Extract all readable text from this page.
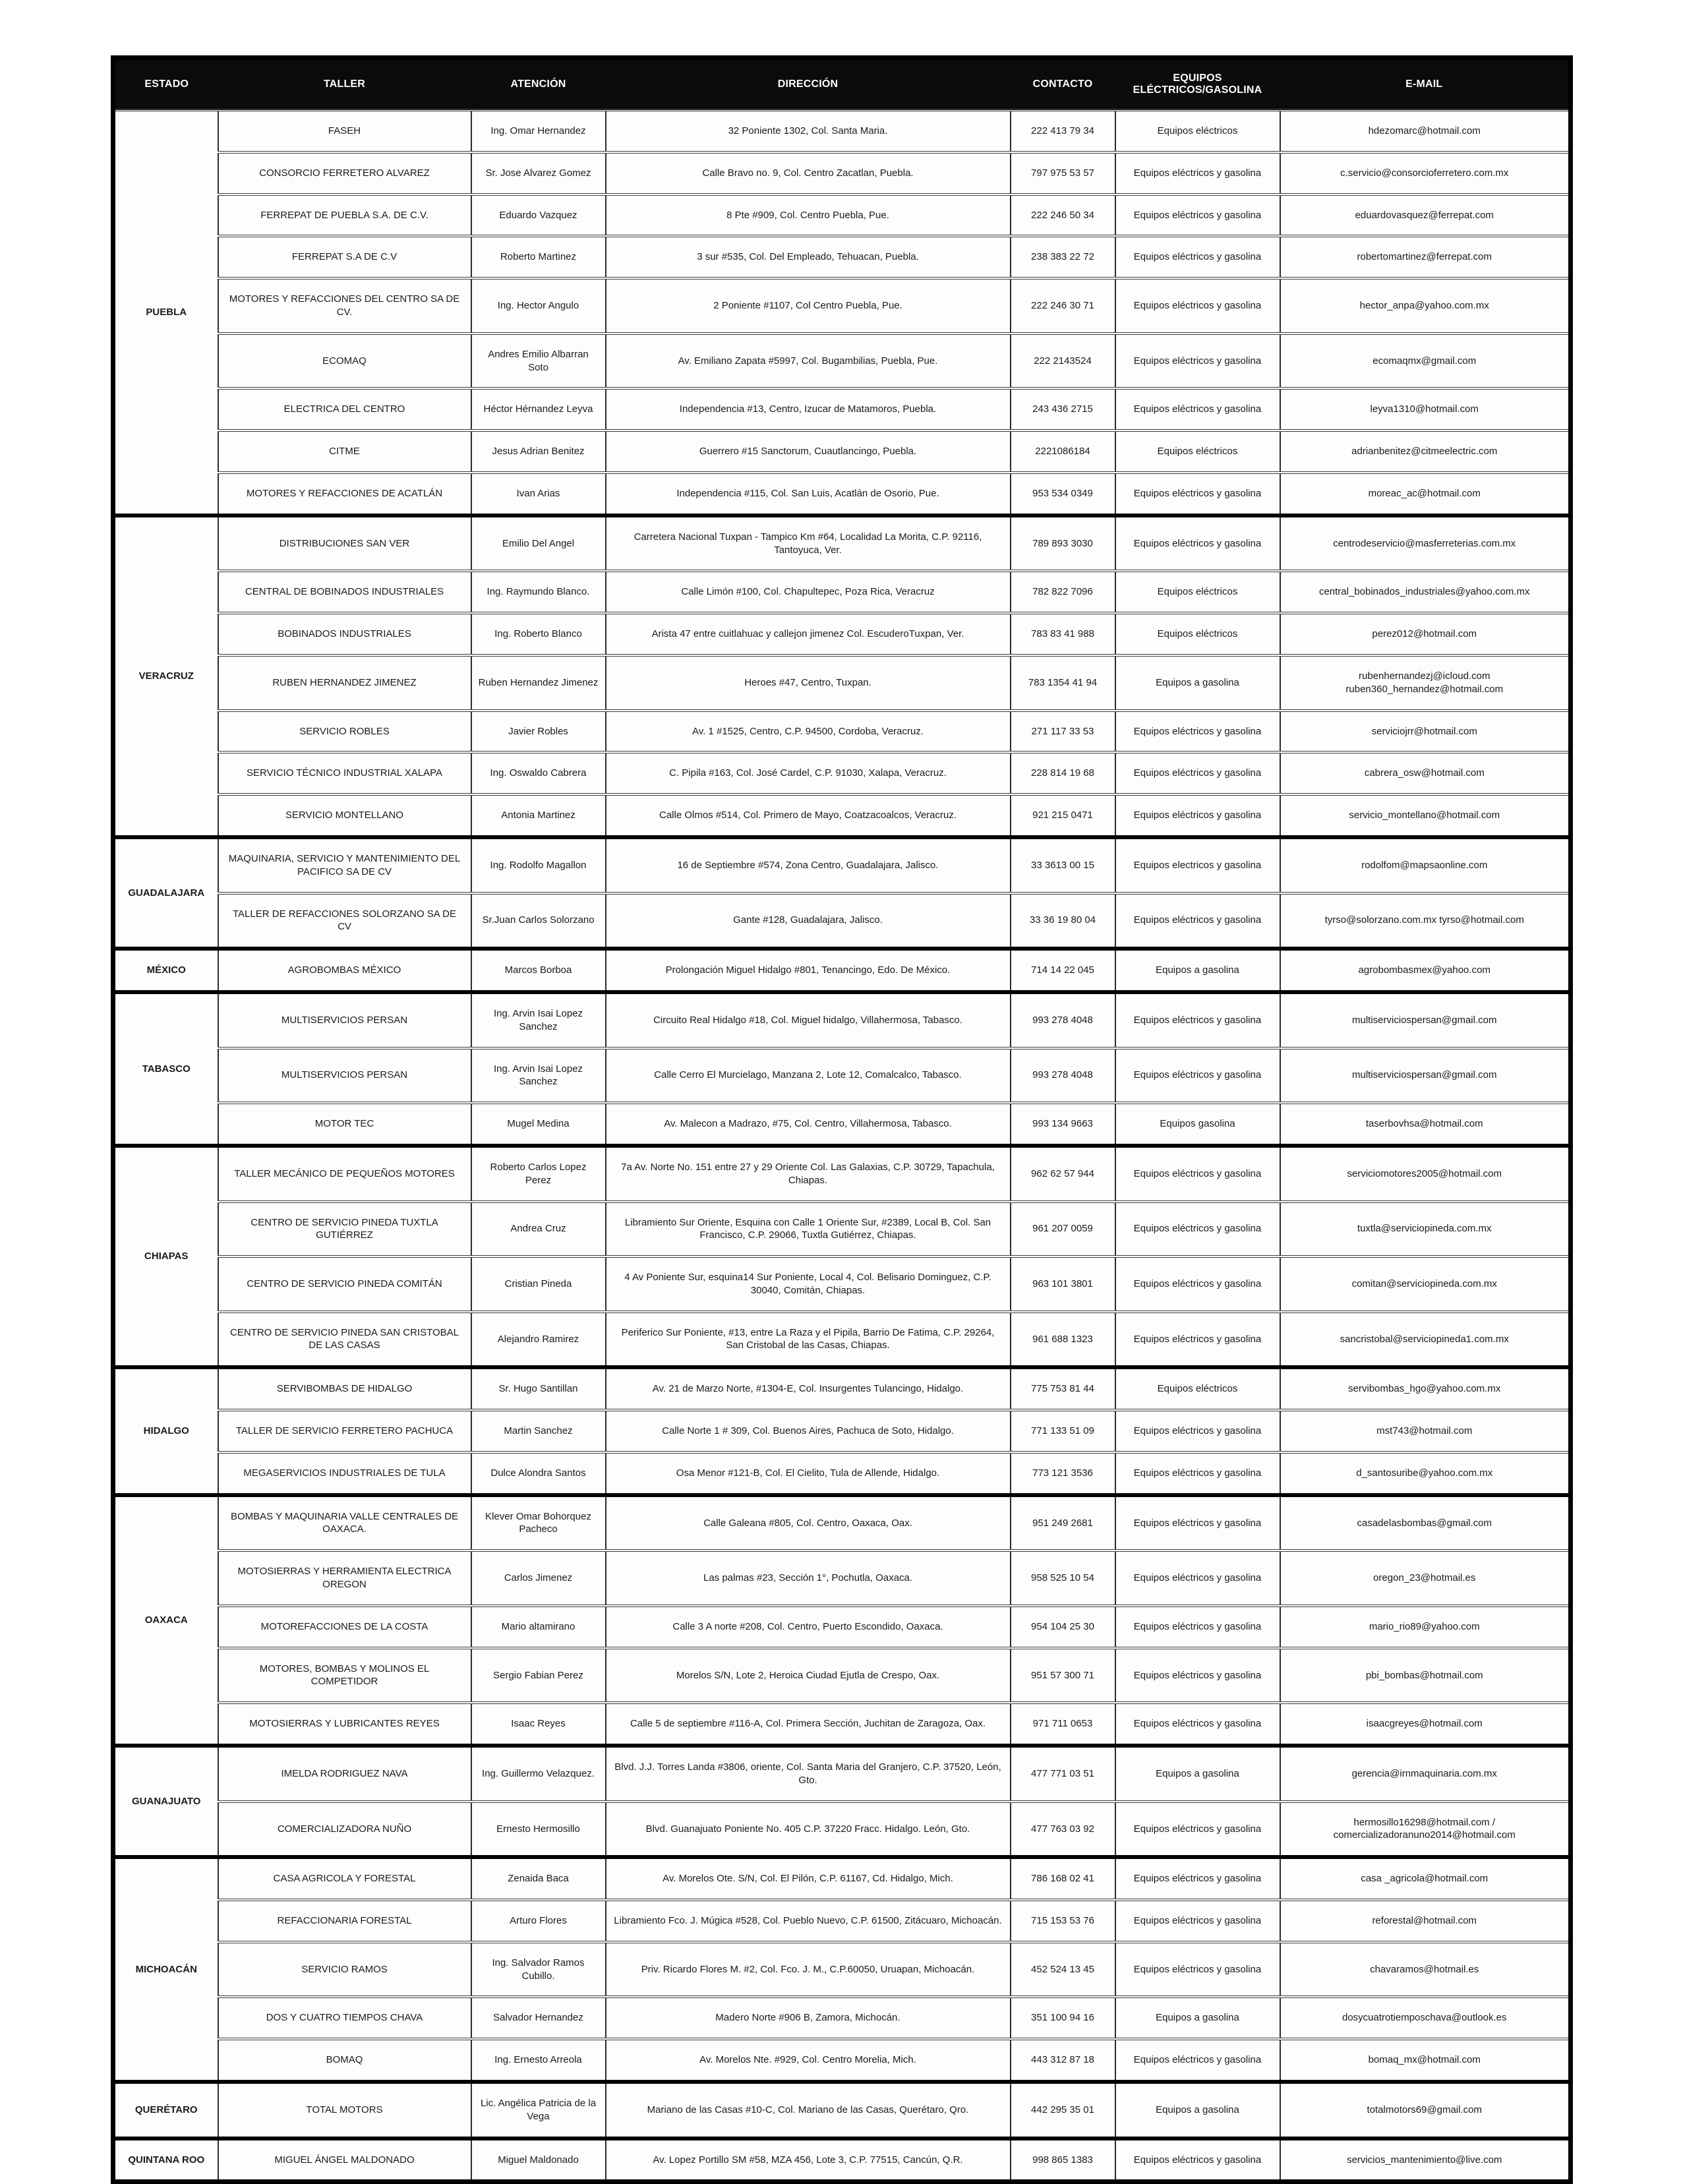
ESTADO	TALLER	ATENCIÓN	DIRECCIÓN	CONTACTO	EQUIPOS ELÉCTRICOS/GASOLINA	E-MAIL
PUEBLA	FASEH	Ing. Omar Hernandez	32 Poniente 1302, Col. Santa Maria.	222 413 79 34	Equipos eléctricos	hdezomarc@hotmail.com
	CONSORCIO FERRETERO ALVAREZ	Sr. Jose Alvarez Gomez	Calle Bravo no. 9, Col. Centro Zacatlan, Puebla.	797 975 53 57	Equipos eléctricos y gasolina	c.servicio@consorcioferretero.com.mx
	FERREPAT DE PUEBLA S.A. DE C.V.	Eduardo Vazquez	8 Pte #909, Col. Centro Puebla, Pue.	222 246 50 34	Equipos eléctricos y gasolina	eduardovasquez@ferrepat.com
	FERREPAT S.A DE C.V	Roberto Martinez	3 sur #535, Col. Del Empleado, Tehuacan, Puebla.	238 383 22 72	Equipos eléctricos y gasolina	robertomartinez@ferrepat.com
	MOTORES Y REFACCIONES DEL CENTRO SA DE CV.	Ing. Hector Angulo	2 Poniente #1107, Col Centro Puebla, Pue.	222 246 30 71	Equipos eléctricos y gasolina	hector_anpa@yahoo.com.mx
	ECOMAQ	Andres Emilio Albarran Soto	Av. Emiliano Zapata #5997, Col. Bugambilias, Puebla, Pue.	222 2143524	Equipos eléctricos y gasolina	ecomaqmx@gmail.com
	ELECTRICA DEL CENTRO	Héctor Hérnandez Leyva	Independencia #13, Centro, Izucar de Matamoros, Puebla.	243 436 2715	Equipos eléctricos y gasolina	leyva1310@hotmail.com
	CITME	Jesus Adrian Benitez	Guerrero #15 Sanctorum, Cuautlancingo, Puebla.	2221086184	Equipos eléctricos	adrianbenitez@citmeelectric.com
	MOTORES Y REFACCIONES DE ACATLÁN	Ivan Arias	Independencia #115, Col. San Luis, Acatlán de Osorio, Pue.	953 534 0349	Equipos eléctricos y gasolina	moreac_ac@hotmail.com
VERACRUZ	DISTRIBUCIONES SAN VER	Emilio Del Angel	Carretera Nacional Tuxpan - Tampico Km #64, Localidad La Morita, C.P. 92116, Tantoyuca, Ver.	789 893 3030	Equipos eléctricos y gasolina	centrodeservicio@masferreterias.com.mx
	CENTRAL DE BOBINADOS INDUSTRIALES	Ing. Raymundo Blanco.	Calle Limón #100, Col. Chapultepec, Poza Rica, Veracruz	782 822 7096	Equipos eléctricos	central_bobinados_industriales@yahoo.com.mx
	BOBINADOS INDUSTRIALES	Ing. Roberto Blanco	Arista 47 entre cuitlahuac y callejon jimenez Col. EscuderoTuxpan, Ver.	783 83 41 988	Equipos eléctricos	perez012@hotmail.com
	RUBEN HERNANDEZ JIMENEZ	Ruben Hernandez Jimenez	Heroes #47, Centro, Tuxpan.	783 1354 41 94	Equipos a gasolina	rubenhernandezj@icloud.com ruben360_hernandez@hotmail.com
	SERVICIO ROBLES	Javier Robles	Av. 1 #1525, Centro, C.P. 94500, Cordoba, Veracruz.	271 117 33 53	Equipos eléctricos y gasolina	serviciojrr@hotmail.com
	SERVICIO TÉCNICO INDUSTRIAL XALAPA	Ing. Oswaldo Cabrera	C. Pipila #163, Col. José Cardel, C.P. 91030, Xalapa, Veracruz.	228 814 19 68	Equipos eléctricos y gasolina	cabrera_osw@hotmail.com
	SERVICIO MONTELLANO	Antonia Martinez	Calle Olmos #514, Col. Primero de Mayo, Coatzacoalcos, Veracruz.	921 215 0471	Equipos eléctricos y gasolina	servicio_montellano@hotmail.com
GUADALAJARA	MAQUINARIA, SERVICIO Y MANTENIMIENTO DEL PACIFICO SA DE CV	Ing. Rodolfo Magallon	16 de Septiembre #574, Zona Centro, Guadalajara, Jalisco.	33 3613 00 15	Equipos electricos y gasolina	rodolfom@mapsaonline.com
	TALLER DE REFACCIONES SOLORZANO SA DE CV	Sr.Juan Carlos Solorzano	Gante #128, Guadalajara, Jalisco.	33 36 19 80 04	Equipos eléctricos y gasolina	tyrso@solorzano.com.mx tyrso@hotmail.com
MÉXICO	AGROBOMBAS MÉXICO	Marcos Borboa	Prolongación Miguel Hidalgo #801, Tenancingo, Edo. De México.	714 14 22 045	Equipos a gasolina	agrobombasmex@yahoo.com
TABASCO	MULTISERVICIOS PERSAN	Ing. Arvin Isai Lopez Sanchez	Circuito Real Hidalgo #18, Col. Miguel hidalgo, Villahermosa, Tabasco.	993 278 4048	Equipos eléctricos y gasolina	multiserviciospersan@gmail.com
	MULTISERVICIOS PERSAN	Ing. Arvin Isai Lopez Sanchez	Calle Cerro El Murcielago, Manzana 2, Lote 12, Comalcalco, Tabasco.	993 278 4048	Equipos eléctricos y gasolina	multiserviciospersan@gmail.com
	MOTOR TEC	Mugel Medina	Av. Malecon a Madrazo, #75, Col. Centro, Villahermosa, Tabasco.	993 134 9663	Equipos gasolina	taserbovhsa@hotmail.com
CHIAPAS	TALLER MECÁNICO DE PEQUEÑOS MOTORES	Roberto Carlos Lopez Perez	7a Av. Norte No. 151 entre 27 y 29 Oriente Col. Las Galaxias, C.P. 30729, Tapachula, Chiapas.	962 62 57 944	Equipos eléctricos y gasolina	serviciomotores2005@hotmail.com
	CENTRO DE SERVICIO PINEDA TUXTLA GUTIÉRREZ	Andrea Cruz	Libramiento Sur Oriente, Esquina con Calle 1 Oriente Sur, #2389, Local B, Col. San Francisco, C.P. 29066, Tuxtla Gutiérrez, Chiapas.	961 207 0059	Equipos eléctricos y gasolina	tuxtla@serviciopineda.com.mx
	CENTRO DE SERVICIO PINEDA COMITÁN	Cristian Pineda	4 Av Poniente Sur, esquina14 Sur Poniente, Local 4, Col. Belisario Dominguez, C.P. 30040, Comitán, Chiapas.	963 101 3801	Equipos eléctricos y gasolina	comitan@serviciopineda.com.mx
	CENTRO DE SERVICIO PINEDA SAN CRISTOBAL DE LAS CASAS	Alejandro Ramirez	Periferico Sur Poniente, #13, entre La Raza y el Pipila, Barrio De Fatima, C.P. 29264, San Cristobal de las Casas, Chiapas.	961 688 1323	Equipos eléctricos y gasolina	sancristobal@serviciopineda1.com.mx
HIDALGO	SERVIBOMBAS DE HIDALGO	Sr. Hugo Santillan	Av. 21 de Marzo Norte, #1304-E, Col. Insurgentes Tulancingo, Hidalgo.	775 753 81 44	Equipos eléctricos	servibombas_hgo@yahoo.com.mx
	TALLER DE SERVICIO FERRETERO PACHUCA	Martin Sanchez	Calle Norte 1 # 309, Col. Buenos Aires, Pachuca de Soto, Hidalgo.	771 133 51 09	Equipos eléctricos y gasolina	mst743@hotmail.com
	MEGASERVICIOS INDUSTRIALES DE TULA	Dulce Alondra Santos	Osa Menor #121-B, Col. El Cielito, Tula de Allende, Hidalgo.	773 121 3536	Equipos eléctricos y gasolina	d_santosuribe@yahoo.com.mx
OAXACA	BOMBAS Y MAQUINARIA VALLE CENTRALES DE OAXACA.	Klever Omar Bohorquez Pacheco	Calle Galeana #805, Col. Centro, Oaxaca, Oax.	951 249 2681	Equipos eléctricos y gasolina	casadelasbombas@gmail.com
	MOTOSIERRAS Y HERRAMIENTA ELECTRICA OREGON	Carlos Jimenez	Las palmas #23, Sección 1°, Pochutla, Oaxaca.	958 525 10 54	Equipos eléctricos y gasolina	oregon_23@hotmail.es
	MOTOREFACCIONES DE LA COSTA	Mario altamirano	Calle 3 A norte #208, Col. Centro, Puerto Escondido, Oaxaca.	954 104 25 30	Equipos eléctricos y gasolina	mario_rio89@yahoo.com
	MOTORES, BOMBAS Y MOLINOS EL COMPETIDOR	Sergio Fabian Perez	Morelos S/N, Lote 2, Heroica Ciudad Ejutla de Crespo, Oax.	951 57 300 71	Equipos eléctricos y gasolina	pbi_bombas@hotmail.com
	MOTOSIERRAS Y LUBRICANTES REYES	Isaac Reyes	Calle 5 de septiembre #116-A, Col. Primera Sección, Juchitan de Zaragoza, Oax.	971 711 0653	Equipos eléctricos y gasolina	isaacgreyes@hotmail.com
GUANAJUATO	IMELDA RODRIGUEZ NAVA	Ing. Guillermo Velazquez.	Blvd. J.J. Torres Landa #3806, oriente, Col. Santa Maria del Granjero, C.P. 37520, León, Gto.	477 771 03 51	Equipos a gasolina	gerencia@irnmaquinaria.com.mx
	COMERCIALIZADORA NUÑO	Ernesto Hermosillo	Blvd. Guanajuato Poniente No. 405 C.P. 37220 Fracc. Hidalgo. León, Gto.	477 763 03 92	Equipos eléctricos y gasolina	hermosillo16298@hotmail.com / comercializadoranuno2014@hotmail.com
MICHOACÁN	CASA AGRICOLA Y FORESTAL	Zenaida Baca	Av. Morelos Ote. S/N, Col. El Pilón, C.P. 61167, Cd. Hidalgo, Mich.	786 168 02 41	Equipos eléctricos y gasolina	casa _agricola@hotmail.com
	REFACCIONARIA FORESTAL	Arturo Flores	Libramiento Fco. J. Múgica #528, Col. Pueblo Nuevo, C.P. 61500, Zitácuaro, Michoacán.	715 153 53 76	Equipos eléctricos y gasolina	reforestal@hotmail.com
	SERVICIO RAMOS	Ing. Salvador Ramos Cubillo.	Priv. Ricardo Flores M. #2, Col. Fco. J. M., C.P.60050, Uruapan, Michoacán.	452 524 13 45	Equipos eléctricos y gasolina	chavaramos@hotmail.es
	DOS Y CUATRO TIEMPOS CHAVA	Salvador Hernandez	Madero Norte #906 B, Zamora, Michocán.	351 100 94 16	Equipos a gasolina	dosycuatrotiemposchava@outlook.es
	BOMAQ	Ing. Ernesto Arreola	Av. Morelos Nte. #929, Col. Centro Morelia, Mich.	443 312 87 18	Equipos eléctricos y gasolina	bomaq_mx@hotmail.com
QUERÉTARO	TOTAL MOTORS	Lic. Angélica Patricia de la Vega	Mariano de las Casas #10-C, Col. Mariano de las Casas, Querétaro, Qro.	442 295 35 01	Equipos a gasolina	totalmotors69@gmail.com
QUINTANA ROO	MIGUEL ÁNGEL MALDONADO	Miguel Maldonado	Av. Lopez Portillo SM #58, MZA 456, Lote 3, C.P. 77515, Cancún, Q.R.	998 865 1383	Equipos eléctricos y gasolina	servicios_mantenimiento@live.com
